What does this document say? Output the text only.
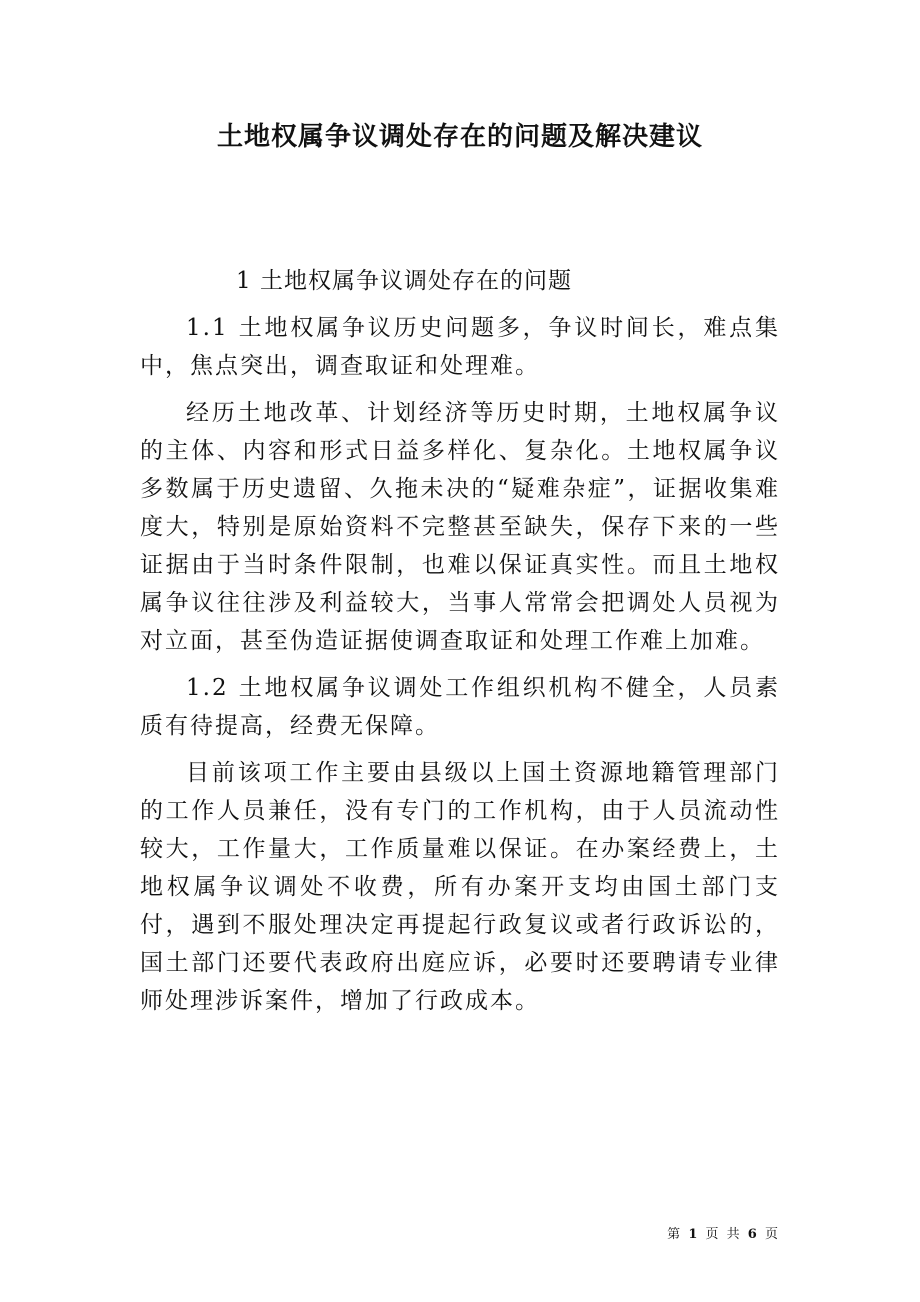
土地权属争议调处存在的问题及解决建议

1 土地权属争议调处存在的问题

1.1 土地权属争议历史问题多，争议时间长，难点集中，焦点突出，调查取证和处理难。

经历土地改革、计划经济等历史时期，土地权属争议的主体、内容和形式日益多样化、复杂化。土地权属争议多数属于历史遗留、久拖未决的“疑难杂症”，证据收集难度大，特别是原始资料不完整甚至缺失，保存下来的一些证据由于当时条件限制，也难以保证真实性。而且土地权属争议往往涉及利益较大，当事人常常会把调处人员视为对立面，甚至伪造证据使调查取证和处理工作难上加难。

1.2 土地权属争议调处工作组织机构不健全，人员素质有待提高，经费无保障。

目前该项工作主要由县级以上国土资源地籍管理部门的工作人员兼任，没有专门的工作机构，由于人员流动性较大，工作量大，工作质量难以保证。在办案经费上，土地权属争议调处不收费，所有办案开支均由国土部门支付，遇到不服处理决定再提起行政复议或者行政诉讼的，国土部门还要代表政府出庭应诉，必要时还要聘请专业律师处理涉诉案件，增加了行政成本。

第 1 页 共 6 页
